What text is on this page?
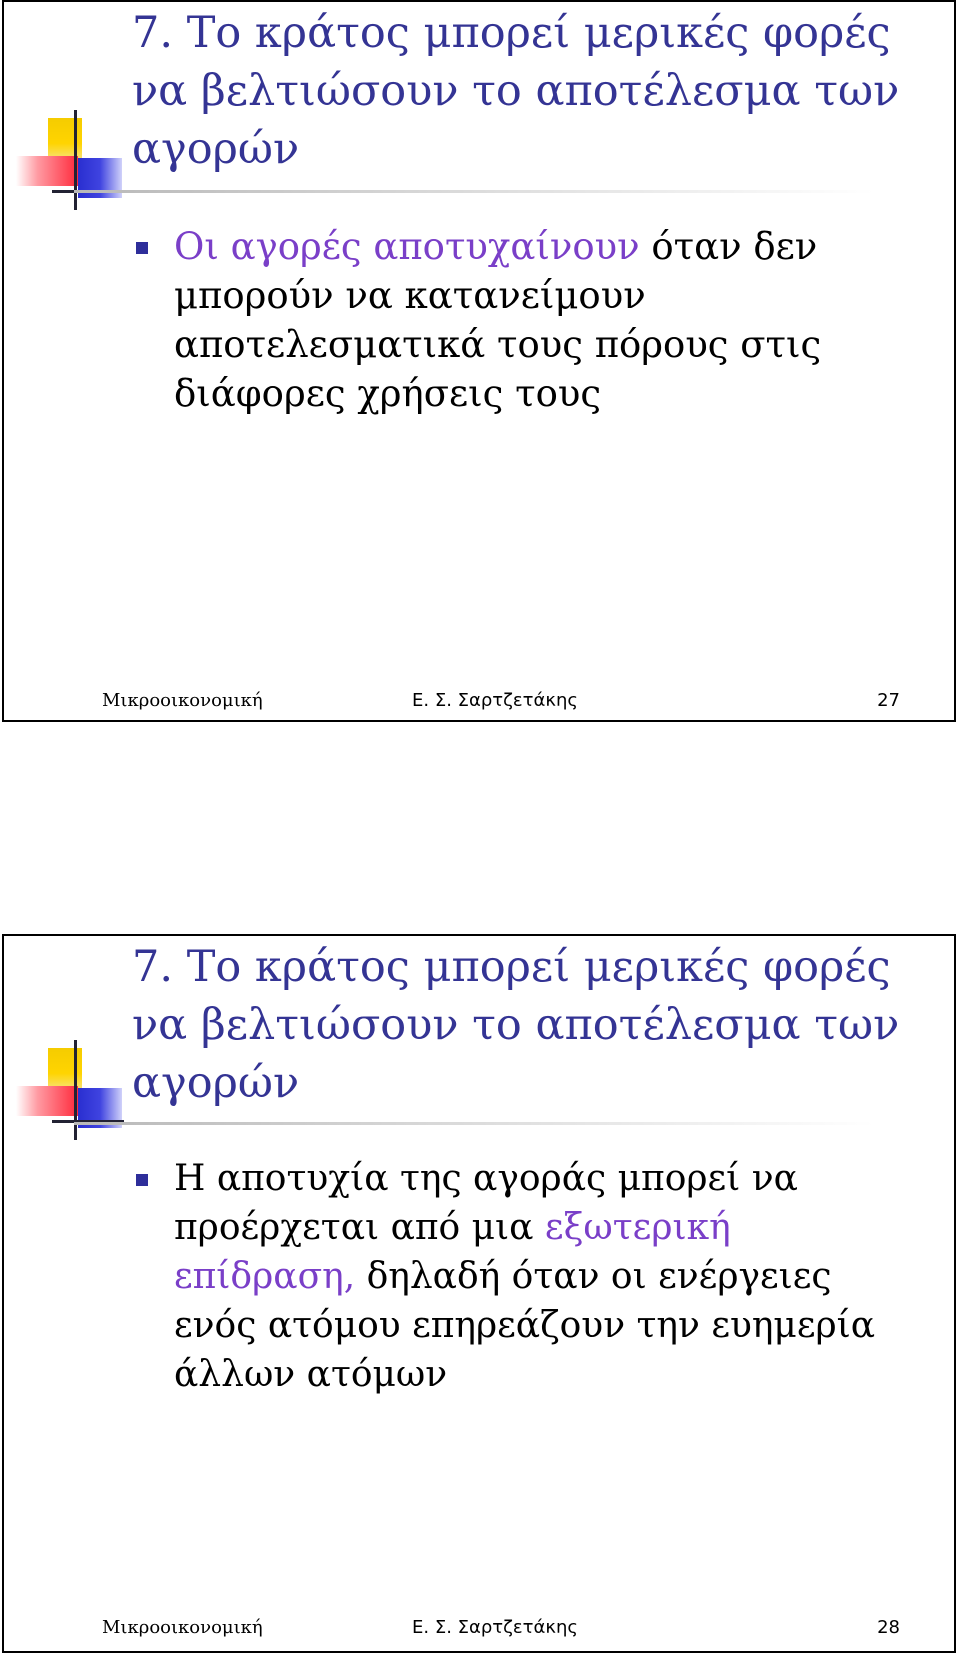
7. Το κράτος μπορεί μερικές φορές να βελτιώσουν το αποτέλεσμα των αγορών
Οι αγορές αποτυχαίνουν όταν δεν μπορούν να κατανείμουν αποτελεσματικά τους πόρους στις διάφορες χρήσεις τους
Μικροοικονομική	Ε. Σ. Σαρτζετάκης	27
7. Το κράτος μπορεί μερικές φορές να βελτιώσουν το αποτέλεσμα των αγορών
Η αποτυχία της αγοράς μπορεί να προέρχεται από μια εξωτερική επίδραση, δηλαδή όταν οι ενέργειες ενός ατόμου επηρεάζουν την ευημερία άλλων ατόμων
Μικροοικονομική	Ε. Σ. Σαρτζετάκης	28
